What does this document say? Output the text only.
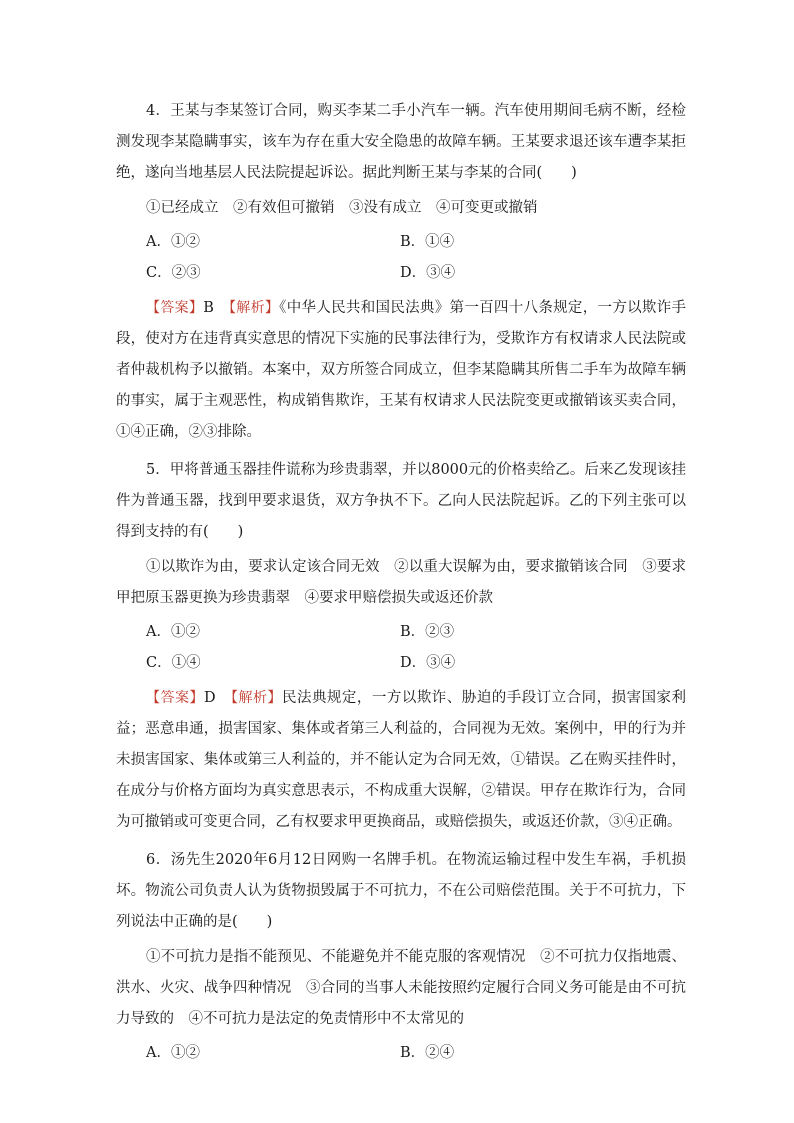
4．王某与李某签订合同，购买李某二手小汽车一辆。汽车使用期间毛病不断，经检测发现李某隐瞒事实，该车为存在重大安全隐患的故障车辆。王某要求退还该车遭李某拒绝，遂向当地基层人民法院提起诉讼。据此判断王某与李某的合同(　　)

①已经成立　②有效但可撤销　③没有成立　④可变更或撤销

A．①②	B．①④

C．②③	D．③④

【答案】B　 【解析】《中华人民共和国民法典》第一百四十八条规定，一方以欺诈手段，使对方在违背真实意思的情况下实施的民事法律行为，受欺诈方有权请求人民法院或者仲裁机构予以撤销。本案中，双方所签合同成立，但李某隐瞒其所售二手车为故障车辆的事实，属于主观恶性，构成销售欺诈，王某有权请求人民法院变更或撤销该买卖合同，①④正确，②③排除。

5．甲将普通玉器挂件谎称为珍贵翡翠，并以8000元的价格卖给乙。后来乙发现该挂件为普通玉器，找到甲要求退货，双方争执不下。乙向人民法院起诉。乙的下列主张可以得到支持的有(　　)

①以欺诈为由，要求认定该合同无效　②以重大误解为由，要求撤销该合同　③要求甲把原玉器更换为珍贵翡翠　④要求甲赔偿损失或返还价款

A．①②	B．②③

C．①④	D．③④

【答案】D　 【解析】民法典规定，一方以欺诈、胁迫的手段订立合同，损害国家利益；恶意串通，损害国家、集体或者第三人利益的，合同视为无效。案例中，甲的行为并未损害国家、集体或第三人利益的，并不能认定为合同无效，①错误。乙在购买挂件时，在成分与价格方面均为真实意思表示，不构成重大误解，②错误。甲存在欺诈行为，合同为可撤销或可变更合同，乙有权要求甲更换商品，或赔偿损失，或返还价款，③④正确。

6．汤先生2020年6月12日网购一名牌手机。在物流运输过程中发生车祸，手机损坏。物流公司负责人认为货物损毁属于不可抗力，不在公司赔偿范围。关于不可抗力，下列说法中正确的是(　　)

①不可抗力是指不能预见、不能避免并不能克服的客观情况　②不可抗力仅指地震、洪水、火灾、战争四种情况　③合同的当事人未能按照约定履行合同义务可能是由不可抗力导致的　④不可抗力是法定的免责情形中不太常见的

A．①②	B．②④
